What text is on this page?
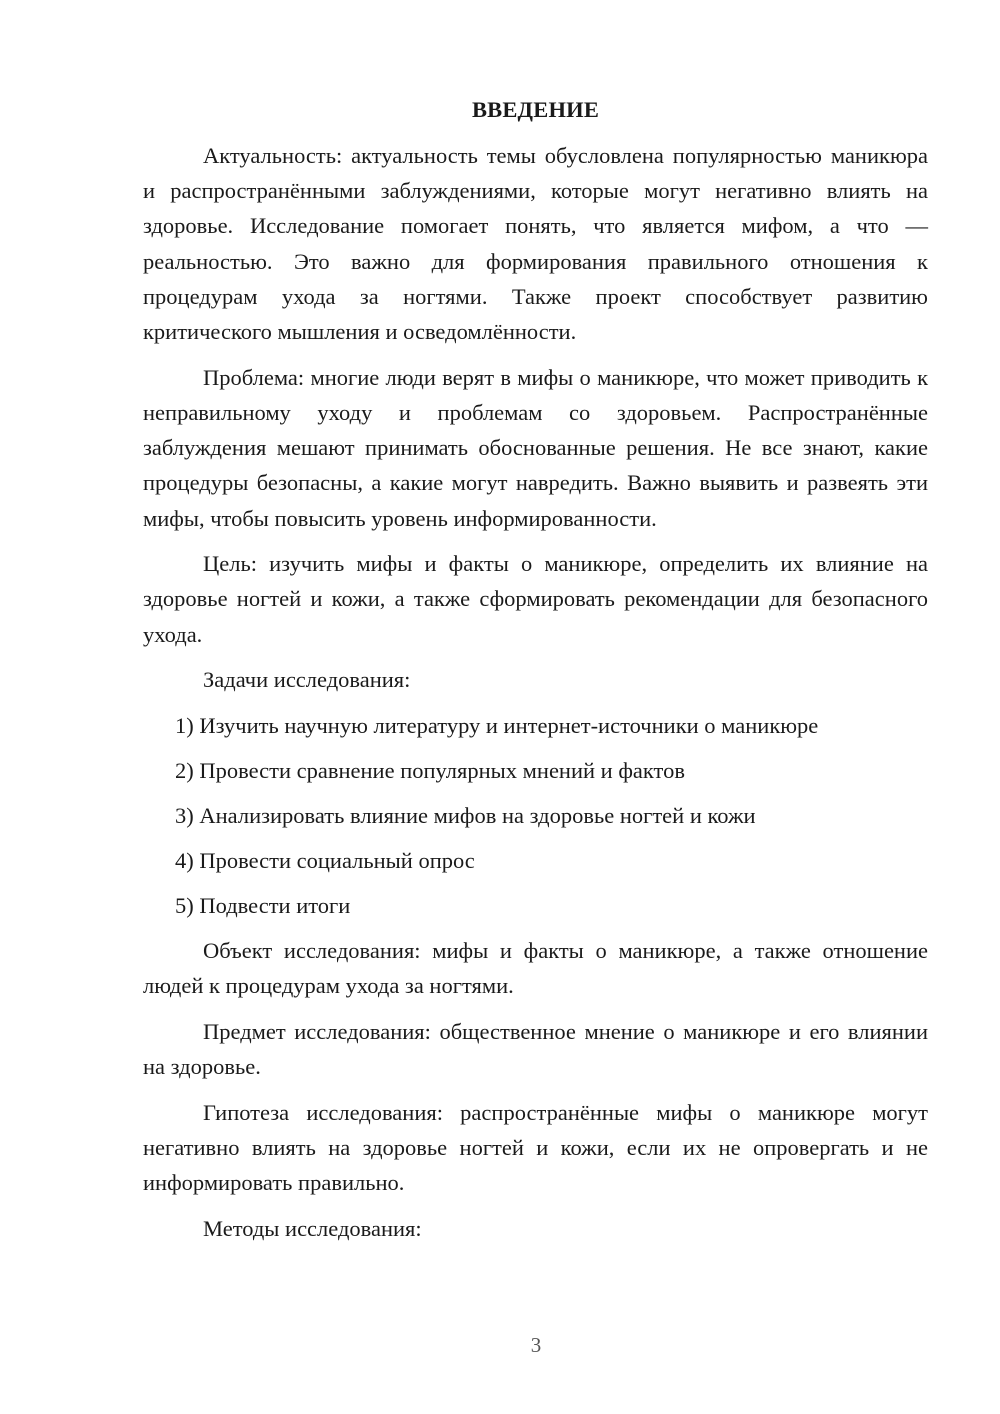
ВВЕДЕНИЕ

Актуальность: актуальность темы обусловлена популярностью маникюра и распространёнными заблуждениями, которые могут негативно влиять на здоровье. Исследование помогает понять, что является мифом, а что — реальностью. Это важно для формирования правильного отношения к процедурам ухода за ногтями. Также проект способствует развитию критического мышления и осведомлённости.

Проблема: многие люди верят в мифы о маникюре, что может приводить к неправильному уходу и проблемам со здоровьем. Распространённые заблуждения мешают принимать обоснованные решения. Не все знают, какие процедуры безопасны, а какие могут навредить. Важно выявить и развеять эти мифы, чтобы повысить уровень информированности.

Цель: изучить мифы и факты о маникюре, определить их влияние на здоровье ногтей и кожи, а также сформировать рекомендации для безопасного ухода.

Задачи исследования:

1) Изучить научную литературу и интернет-источники о маникюре
2) Провести сравнение популярных мнений и фактов
3) Анализировать влияние мифов на здоровье ногтей и кожи
4) Провести социальный опрос
5) Подвести итоги

Объект исследования: мифы и факты о маникюре, а также отношение людей к процедурам ухода за ногтями.

Предмет исследования: общественное мнение о маникюре и его влиянии на здоровье.

Гипотеза исследования: распространённые мифы о маникюре могут негативно влиять на здоровье ногтей и кожи, если их не опровергать и не информировать правильно.

Методы исследования:

3
